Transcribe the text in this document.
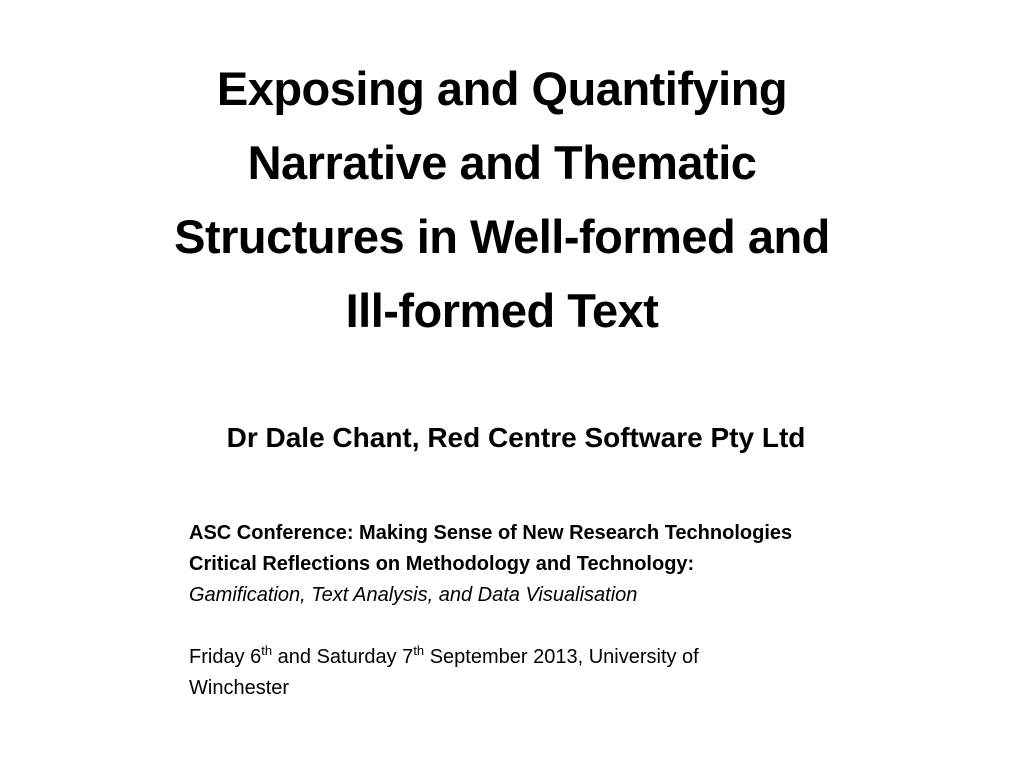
Exposing and Quantifying
Narrative and Thematic
Structures in Well-formed and
Ill-formed Text
Dr Dale Chant, Red Centre Software Pty Ltd
ASC Conference: Making Sense of New Research Technologies
Critical Reflections on Methodology and Technology:
Gamification, Text Analysis, and Data Visualisation
Friday 6th and Saturday 7th September 2013, University of
Winchester
